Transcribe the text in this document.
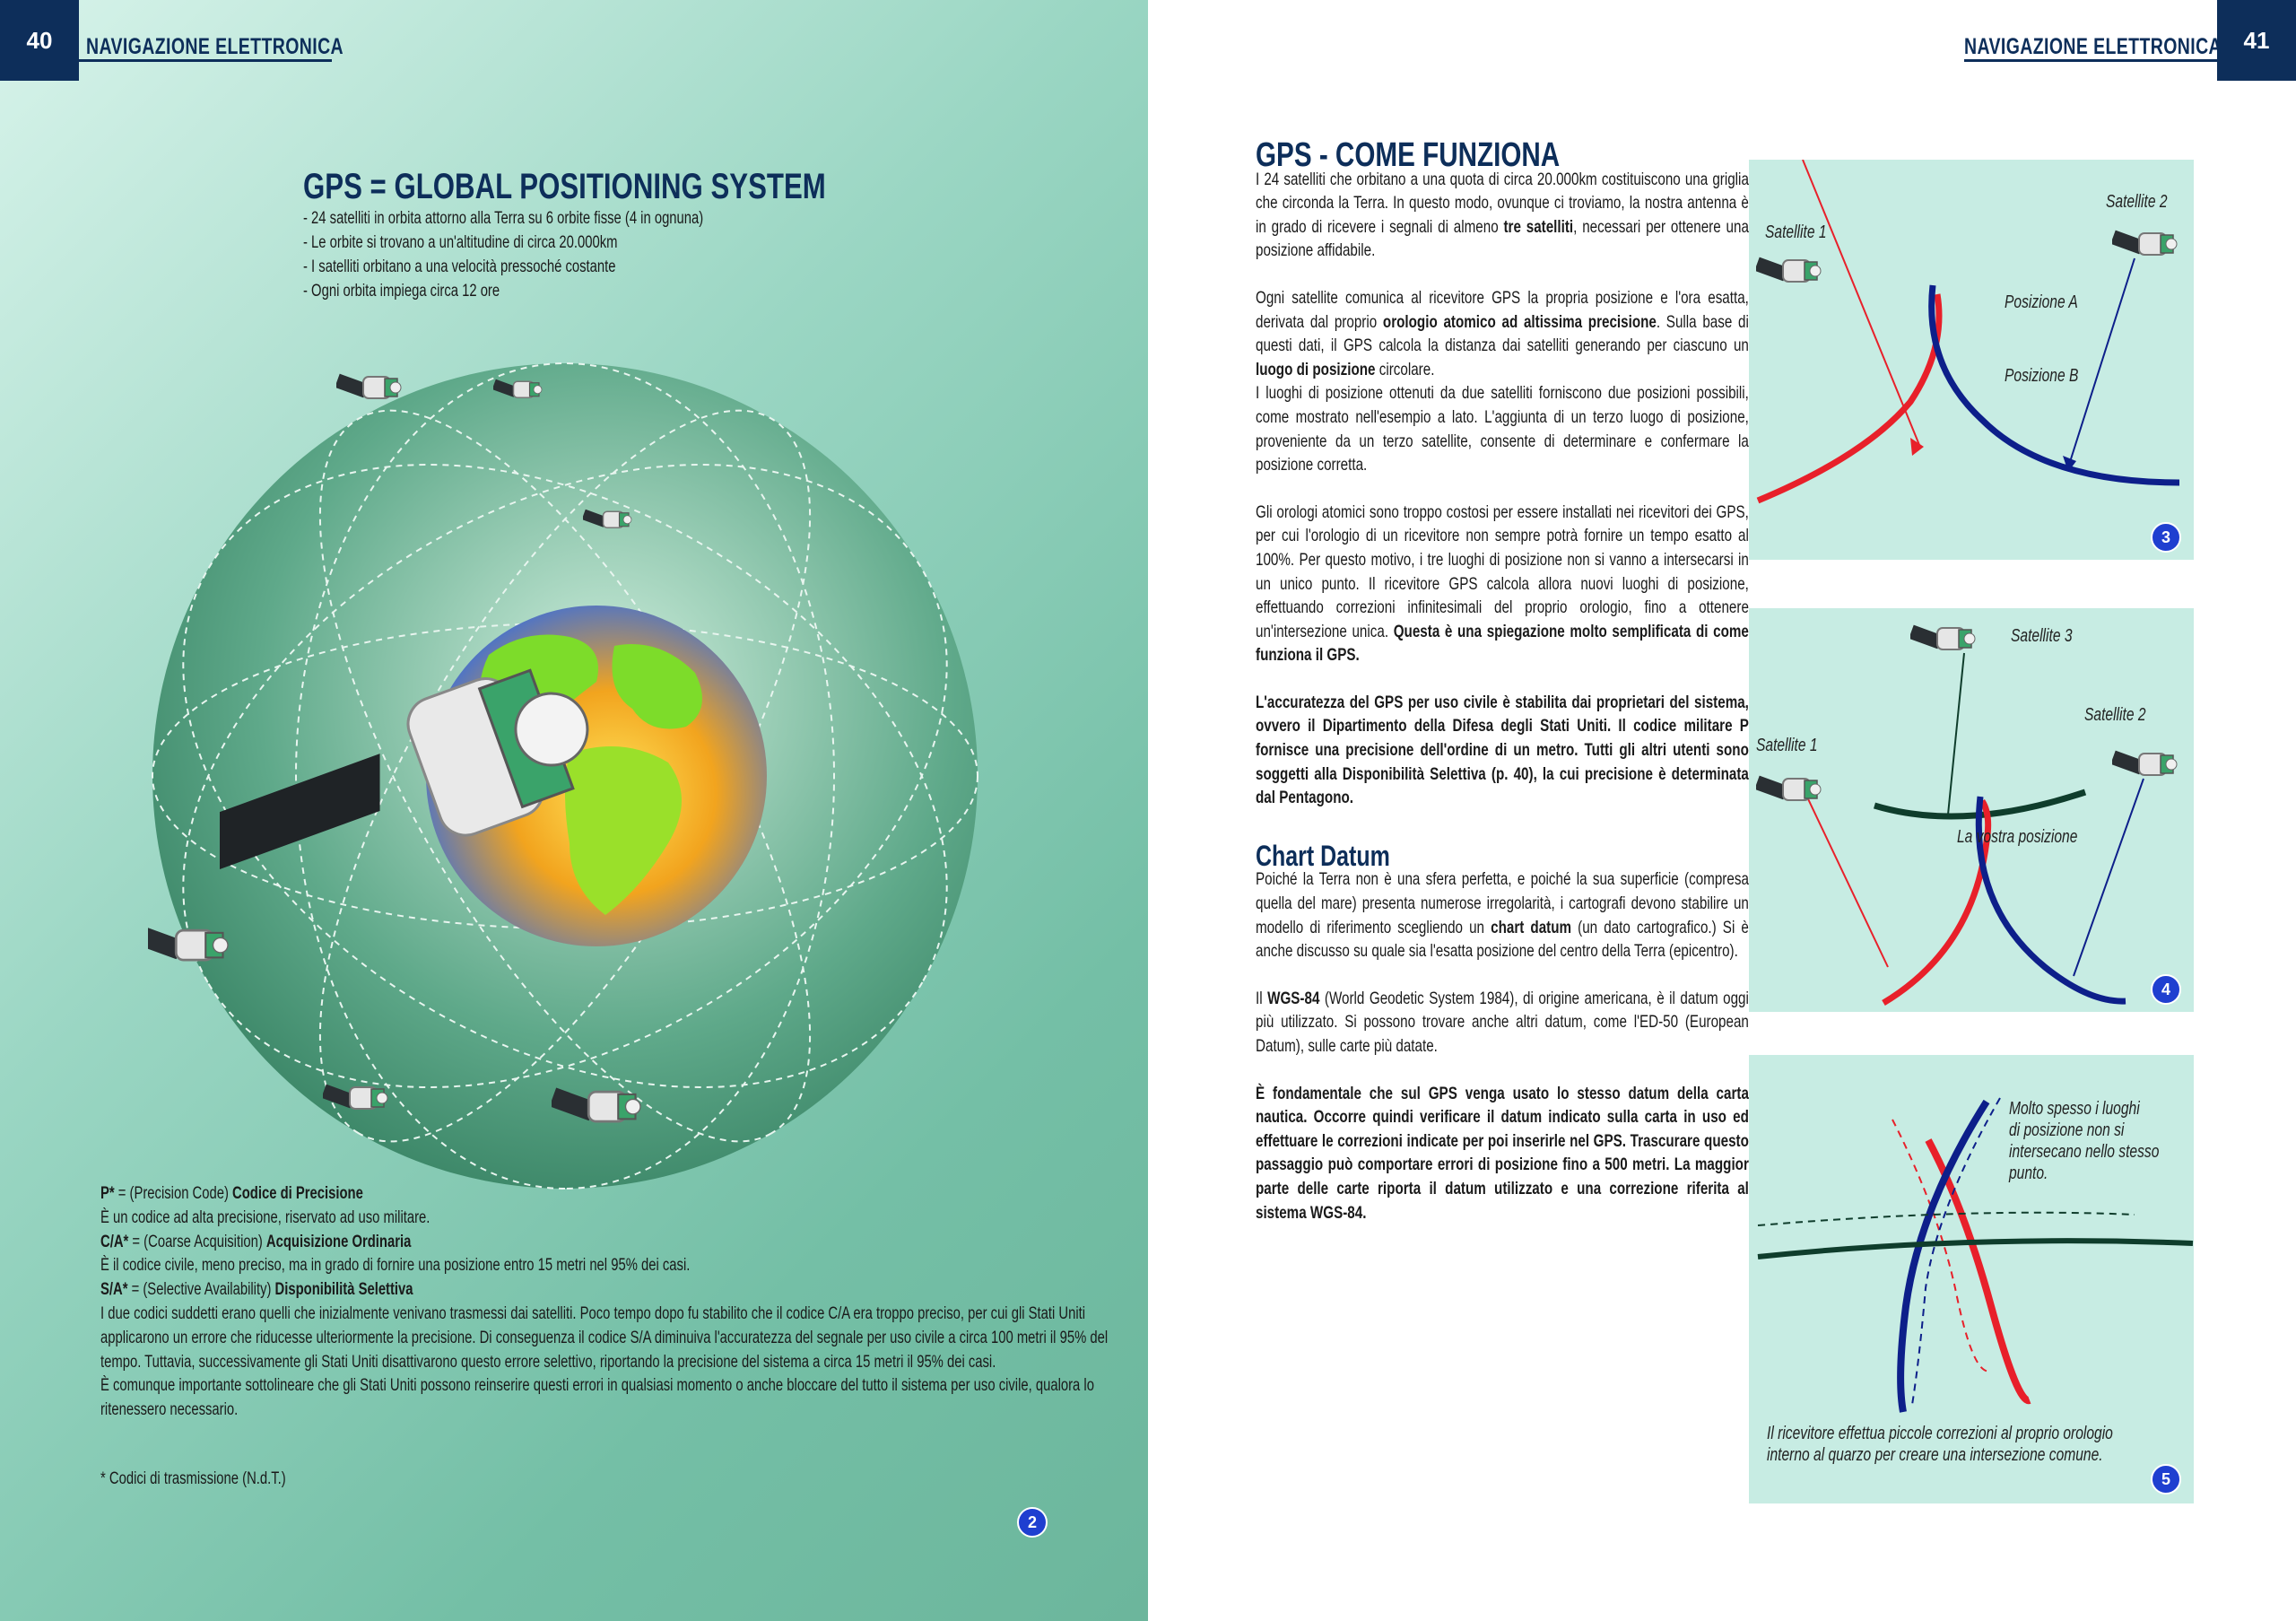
40	NAVIGAZIONE ELETTRONICA
GPS = GLOBAL POSITIONING SYSTEM
- 24 satelliti in orbita attorno alla Terra su 6 orbite fisse (4 in ognuna)
- Le orbite si trovano a un'altitudine di circa 20.000km
- I satelliti orbitano a una velocità pressoché costante
- Ogni orbita impiega circa 12 ore

P* = (Precision Code) Codice di Precisione

È un codice ad alta precisione, riservato ad uso militare.

C/A* = (Coarse Acquisition) Acquisizione Ordinaria

È il codice civile, meno preciso, ma in grado di fornire una posizione entro 15 metri nel 95% dei casi.

S/A* = (Selective Availability) Disponibilità Selettiva

I due codici suddetti erano quelli che inizialmente venivano trasmessi dai satelliti. Poco tempo dopo fu stabilito che il codice C/A era troppo preciso, per cui gli Stati Uniti applicarono un errore che riducesse ulteriormente la precisione. Di conseguenza il codice S/A diminuiva l'accuratezza del segnale per uso civile a circa 100 metri il 95% del tempo. Tuttavia, successivamente gli Stati Uniti disattivarono questo errore selettivo, riportando la precisione del sistema a circa 15 metri il 95% dei casi.

È comunque importante sottolineare che gli Stati Uniti possono reinserire questi errori in qualsiasi momento o anche bloccare del tutto il sistema per uso civile, qualora lo ritenessero necessario.

* Codici di trasmissione (N.d.T.)
2
41
NAVIGAZIONE ELETTRONICA
GPS - COME FUNZIONA

I 24 satelliti che orbitano a una quota di circa 20.000km costituiscono una griglia che circonda la Terra. In questo modo, ovunque ci troviamo, la nostra antenna è in grado di ricevere i segnali di almeno tre satelliti, necessari per ottenere una posizione affidabile.

Ogni satellite comunica al ricevitore GPS la propria posizione e l'ora esatta, derivata dal proprio orologio atomico ad altissima precisione. Sulla base di questi dati, il GPS calcola la distanza dai satelliti generando per ciascuno un luogo di posizione circolare.

I luoghi di posizione ottenuti da due satelliti forniscono due posizioni possibili, come mostrato nell'esempio a lato. L'aggiunta di un terzo luogo di posizione, proveniente da un terzo satellite, consente di determinare e confermare la posizione corretta.

Gli orologi atomici sono troppo costosi per essere installati nei ricevitori dei GPS, per cui l'orologio di un ricevitore non sempre potrà fornire un tempo esatto al 100%. Per questo motivo, i tre luoghi di posizione non si vanno a intersecarsi in un unico punto. Il ricevitore GPS calcola allora nuovi luoghi di posizione, effettuando correzioni infinitesimali del proprio orologio, fino a ottenere un'intersezione unica. Questa è una spiegazione molto semplificata di come funziona il GPS.

L'accuratezza del GPS per uso civile è stabilita dai proprietari del sistema, ovvero il Dipartimento della Difesa degli Stati Uniti. Il codice militare P fornisce una precisione dell'ordine di un metro. Tutti gli altri utenti sono soggetti alla Disponibilità Selettiva (p. 40), la cui precisione è determinata dal Pentagono.

Chart Datum

Poiché la Terra non è una sfera perfetta, e poiché la sua superficie (compresa quella del mare) presenta numerose irregolarità, i cartografi devono stabilire un modello di riferimento scegliendo un chart datum (un dato cartografico.) Si è anche discusso su quale sia l'esatta posizione del centro della Terra (epicentro).

Il WGS-84 (World Geodetic System 1984), di origine americana, è il datum oggi più utilizzato. Si possono trovare anche altri datum, come l'ED-50 (European Datum), sulle carte più datate.

È fondamentale che sul GPS venga usato lo stesso datum della carta nautica. Occorre quindi verificare il datum indicato sulla carta in uso ed effettuare le correzioni indicate per poi inserirle nel GPS. Trascurare questo passaggio può comportare errori di posizione fino a 500 metri. La maggior parte delle carte riporta il datum utilizzato e una correzione riferita al sistema WGS-84.

Satellite 1
Satellite 2
Posizione A
Posizione B
3
Satellite 1
Satellite 3
Satellite 2
La vostra posizione
4
Molto spesso i luoghi
di posizione non si
intersecano nello stesso
punto.
Il ricevitore effettua piccole correzioni al proprio orologio
interno al quarzo per creare una intersezione comune.
5
